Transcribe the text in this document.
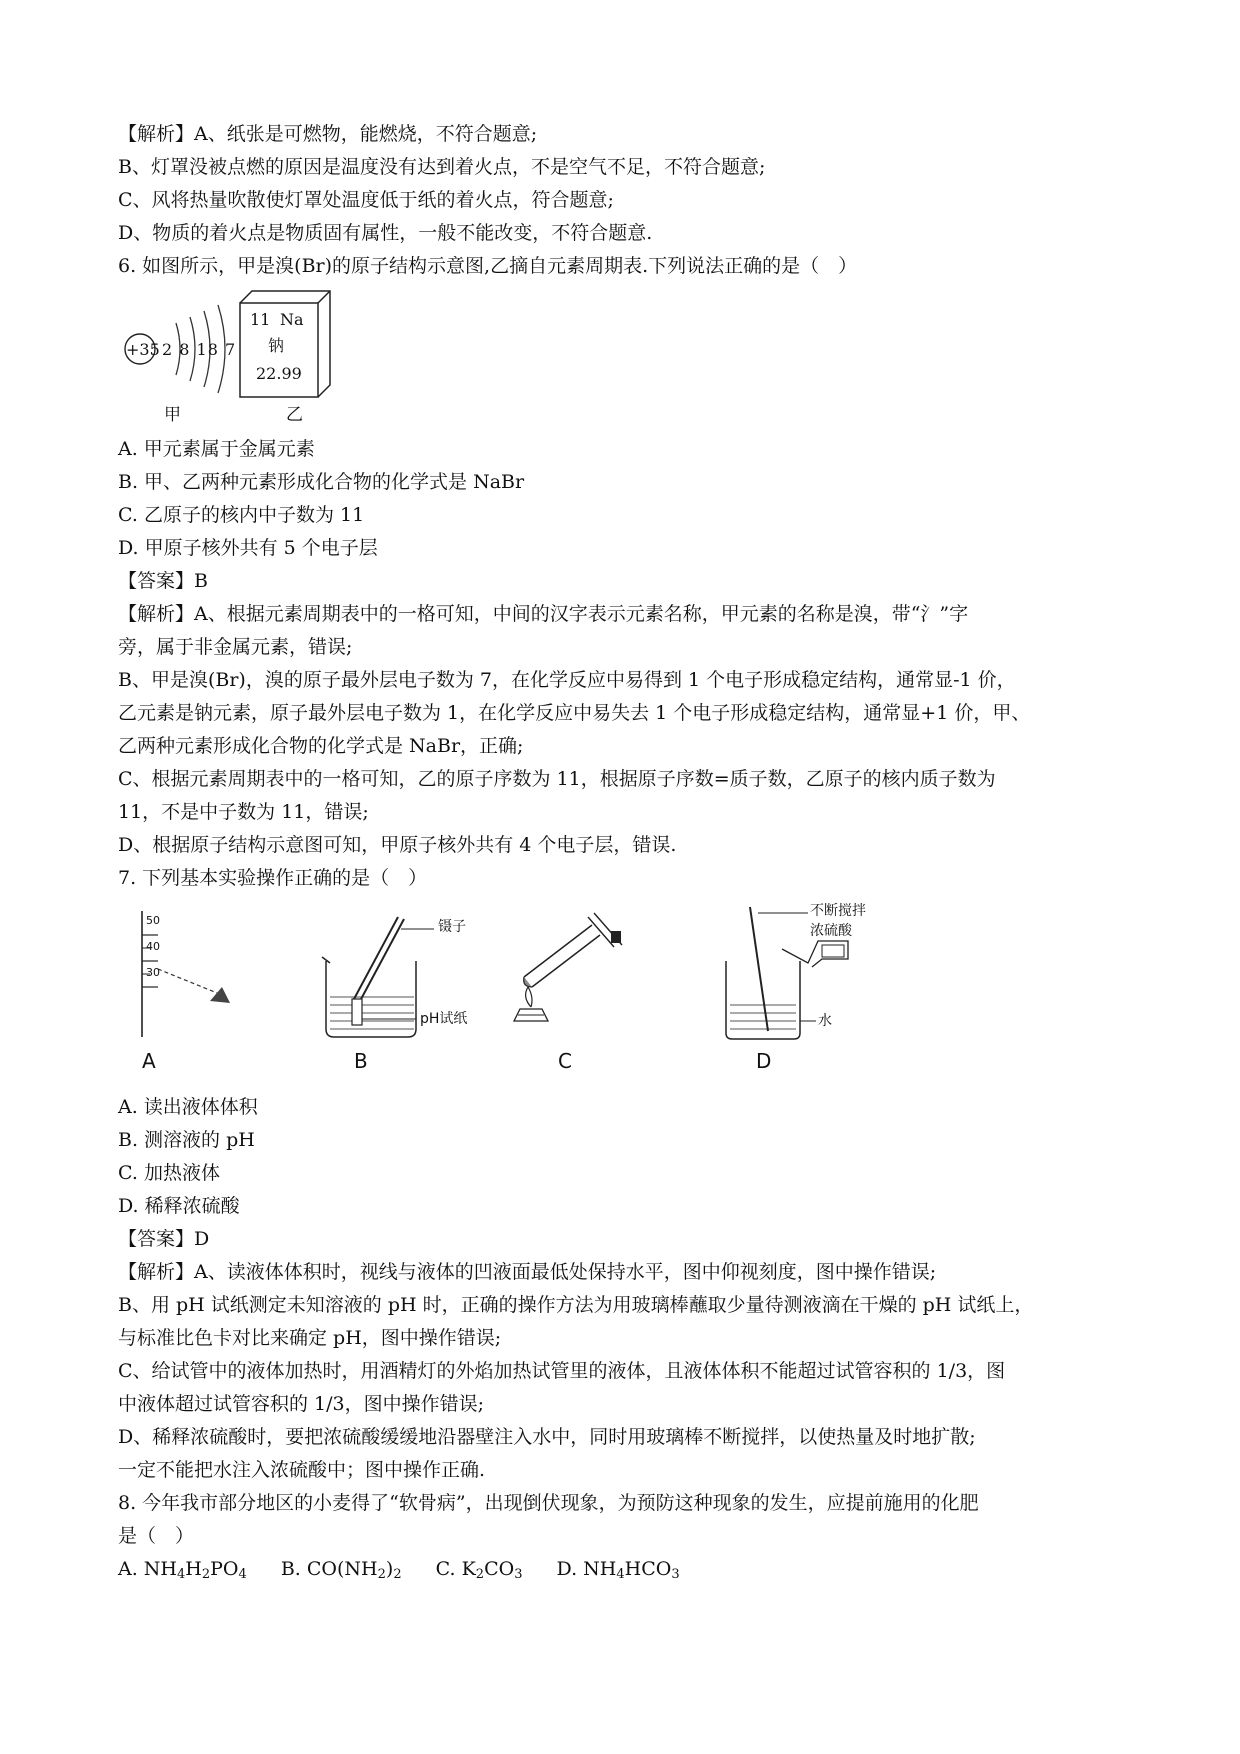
【解析】A、纸张是可燃物，能燃烧，不符合题意;
B、灯罩没被点燃的原因是温度没有达到着火点，不是空气不足，不符合题意;
C、风将热量吹散使灯罩处温度低于纸的着火点，符合题意;
D、物质的着火点是物质固有属性，一般不能改变，不符合题意.
6. 如图所示，甲是溴(Br)的原子结构示意图,乙摘自元素周期表.下列说法正确的是（　）
+35 2 8 18 7
11 Na
钠
22.99
甲	乙
A. 甲元素属于金属元素
B. 甲、乙两种元素形成化合物的化学式是 NaBr
C. 乙原子的核内中子数为 11
D. 甲原子核外共有 5 个电子层
【答案】B
【解析】A、根据元素周期表中的一格可知，中间的汉字表示元素名称，甲元素的名称是溴，带“氵”字
旁，属于非金属元素，错误;
B、甲是溴(Br)，溴的原子最外层电子数为 7，在化学反应中易得到 1 个电子形成稳定结构，通常显-1 价，
乙元素是钠元素，原子最外层电子数为 1，在化学反应中易失去 1 个电子形成稳定结构，通常显+1 价，甲、
乙两种元素形成化合物的化学式是 NaBr，正确;
C、根据元素周期表中的一格可知，乙的原子序数为 11，根据原子序数=质子数，乙原子的核内质子数为
11，不是中子数为 11，错误;
D、根据原子结构示意图可知，甲原子核外共有 4 个电子层，错误.
7. 下列基本实验操作正确的是（　）
50
40
30
镊子
pH试纸
不断搅拌
浓硫酸
水
A	B	C	D
A. 读出液体体积
B. 测溶液的 pH
C. 加热液体
D. 稀释浓硫酸
【答案】D
【解析】A、读液体体积时，视线与液体的凹液面最低处保持水平，图中仰视刻度，图中操作错误;
B、用 pH 试纸测定未知溶液的 pH 时，正确的操作方法为用玻璃棒蘸取少量待测液滴在干燥的 pH 试纸上，
与标准比色卡对比来确定 pH，图中操作错误;
C、给试管中的液体加热时，用酒精灯的外焰加热试管里的液体，且液体体积不能超过试管容积的 1/3，图
中液体超过试管容积的 1/3，图中操作错误;
D、稀释浓硫酸时，要把浓硫酸缓缓地沿器壁注入水中，同时用玻璃棒不断搅拌，以使热量及时地扩散;
一定不能把水注入浓硫酸中；图中操作正确.
8. 今年我市部分地区的小麦得了“软骨病”，出现倒伏现象，为预防这种现象的发生，应提前施用的化肥
是（　）
A. $NH_4H_2PO_4$ B. $CO(NH_2)_2$ C. $K_2CO_3$ D. $NH_4HCO_3$
